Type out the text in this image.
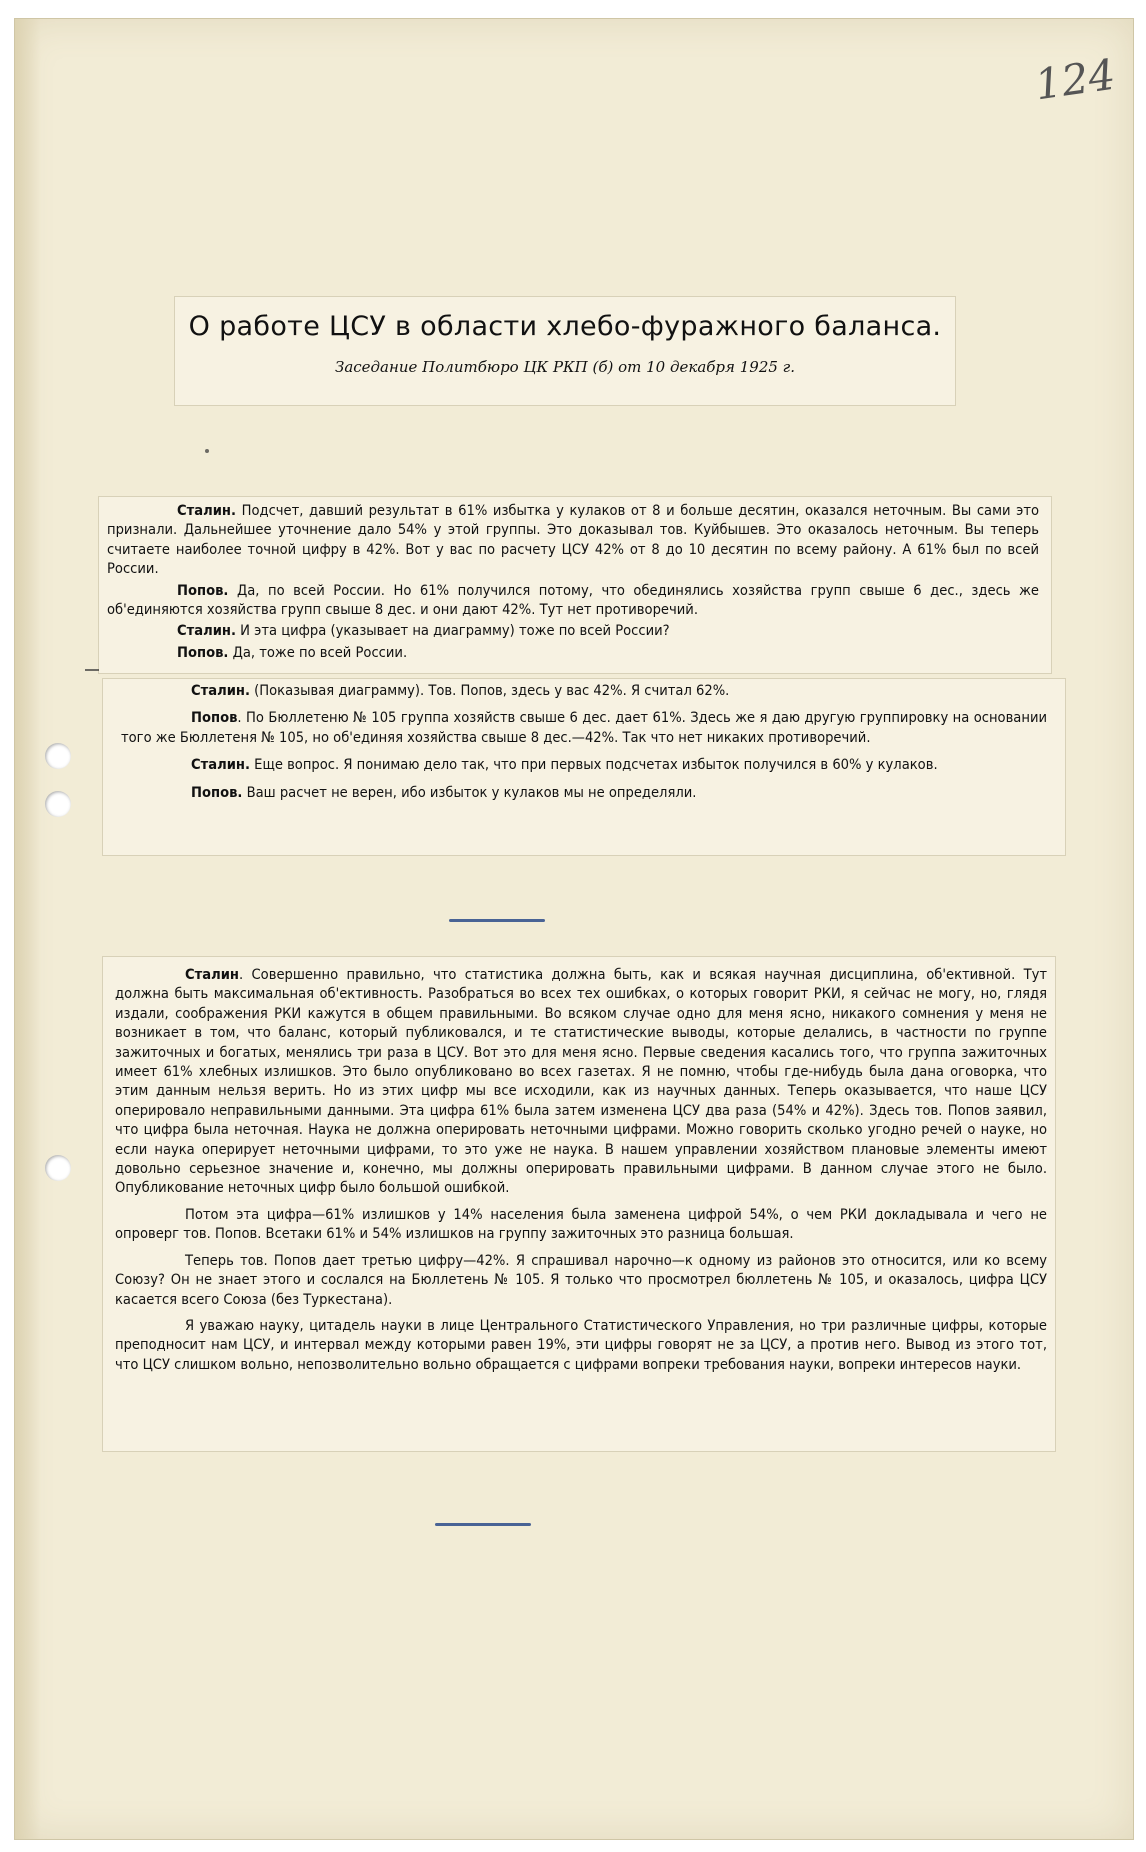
124
О работе ЦСУ в области хлебо-фуражного баланса.
Заседание Политбюро ЦК РКП (б) от 10 декабря 1925 г.

Сталин. Подсчет, давший результат в 61% избытка у кулаков от 8 и больше десятин, оказался неточным. Вы сами это признали. Дальнейшее уточнение дало 54% у этой группы. Это доказывал тов. Куйбышев. Это оказалось неточным. Вы теперь считаете наиболее точной цифру в 42%. Вот у вас по расчету ЦСУ 42% от 8 до 10 десятин по всему району. А 61% был по всей России.

Попов. Да, по всей России. Но 61% получился потому, что обединялись хозяйства групп свыше 6 дес., здесь же об'единяются хозяйства групп свыше 8 дес. и они дают 42%. Тут нет противоречий.

Сталин. И эта цифра (указывает на диаграмму) тоже по всей России?

Попов. Да, тоже по всей России.

Сталин. (Показывая диаграмму). Тов. Попов, здесь у вас 42%. Я считал 62%.

Попов. По Бюллетеню № 105 группа хозяйств свыше 6 дес. дает 61%. Здесь же я даю другую группировку на основании того же Бюллетеня № 105, но об'единяя хозяйства свыше 8 дес.—42%. Так что нет никаких противоречий.

Сталин. Еще вопрос. Я понимаю дело так, что при первых подсчетах избыток получился в 60% у кулаков.

Попов. Ваш расчет не верен, ибо избыток у кулаков мы не определяли.

Сталин. Совершенно правильно, что статистика должна быть, как и всякая научная дисциплина, об'ективной. Тут должна быть максимальная об'ективность. Разобраться во всех тех ошибках, о которых говорит РКИ, я сейчас не могу, но, глядя издали, соображения РКИ кажутся в общем правильными. Во всяком случае одно для меня ясно, никакого сомнения у меня не возникает в том, что баланс, который публиковался, и те статистические выводы, которые делались, в частности по группе зажиточных и богатых, менялись три раза в ЦСУ. Вот это для меня ясно. Первые сведения касались того, что группа зажиточных имеет 61% хлебных излишков. Это было опубликовано во всех газетах. Я не помню, чтобы где-нибудь была дана оговорка, что этим данным нельзя верить. Но из этих цифр мы все исходили, как из научных данных. Теперь оказывается, что наше ЦСУ оперировало неправильными данными. Эта цифра 61% была затем изменена ЦСУ два раза (54% и 42%). Здесь тов. Попов заявил, что цифра была неточная. Наука не должна оперировать неточными цифрами. Можно говорить сколько угодно речей о науке, но если наука оперирует неточными цифрами, то это уже не наука. В нашем управлении хозяйством плановые элементы имеют довольно серьезное значение и, конечно, мы должны оперировать правильными цифрами. В данном случае этого не было. Опубликование неточных цифр было большой ошибкой.

Потом эта цифра—61% излишков у 14% населения была заменена цифрой 54%, о чем РКИ докладывала и чего не опроверг тов. Попов. Всетаки 61% и 54% излишков на группу зажиточных это разница большая.

Теперь тов. Попов дает третью цифру—42%. Я спрашивал нарочно—к одному из районов это относится, или ко всему Союзу? Он не знает этого и сослался на Бюллетень № 105. Я только что просмотрел бюллетень № 105, и оказалось, цифра ЦСУ касается всего Союза (без Туркестана).

Я уважаю науку, цитадель науки в лице Центрального Статистического Управления, но три различные цифры, которые преподносит нам ЦСУ, и интервал между которыми равен 19%, эти цифры говорят не за ЦСУ, а против него. Вывод из этого тот, что ЦСУ слишком вольно, непозволительно вольно обращается с цифрами вопреки требования науки, вопреки интересов науки.
